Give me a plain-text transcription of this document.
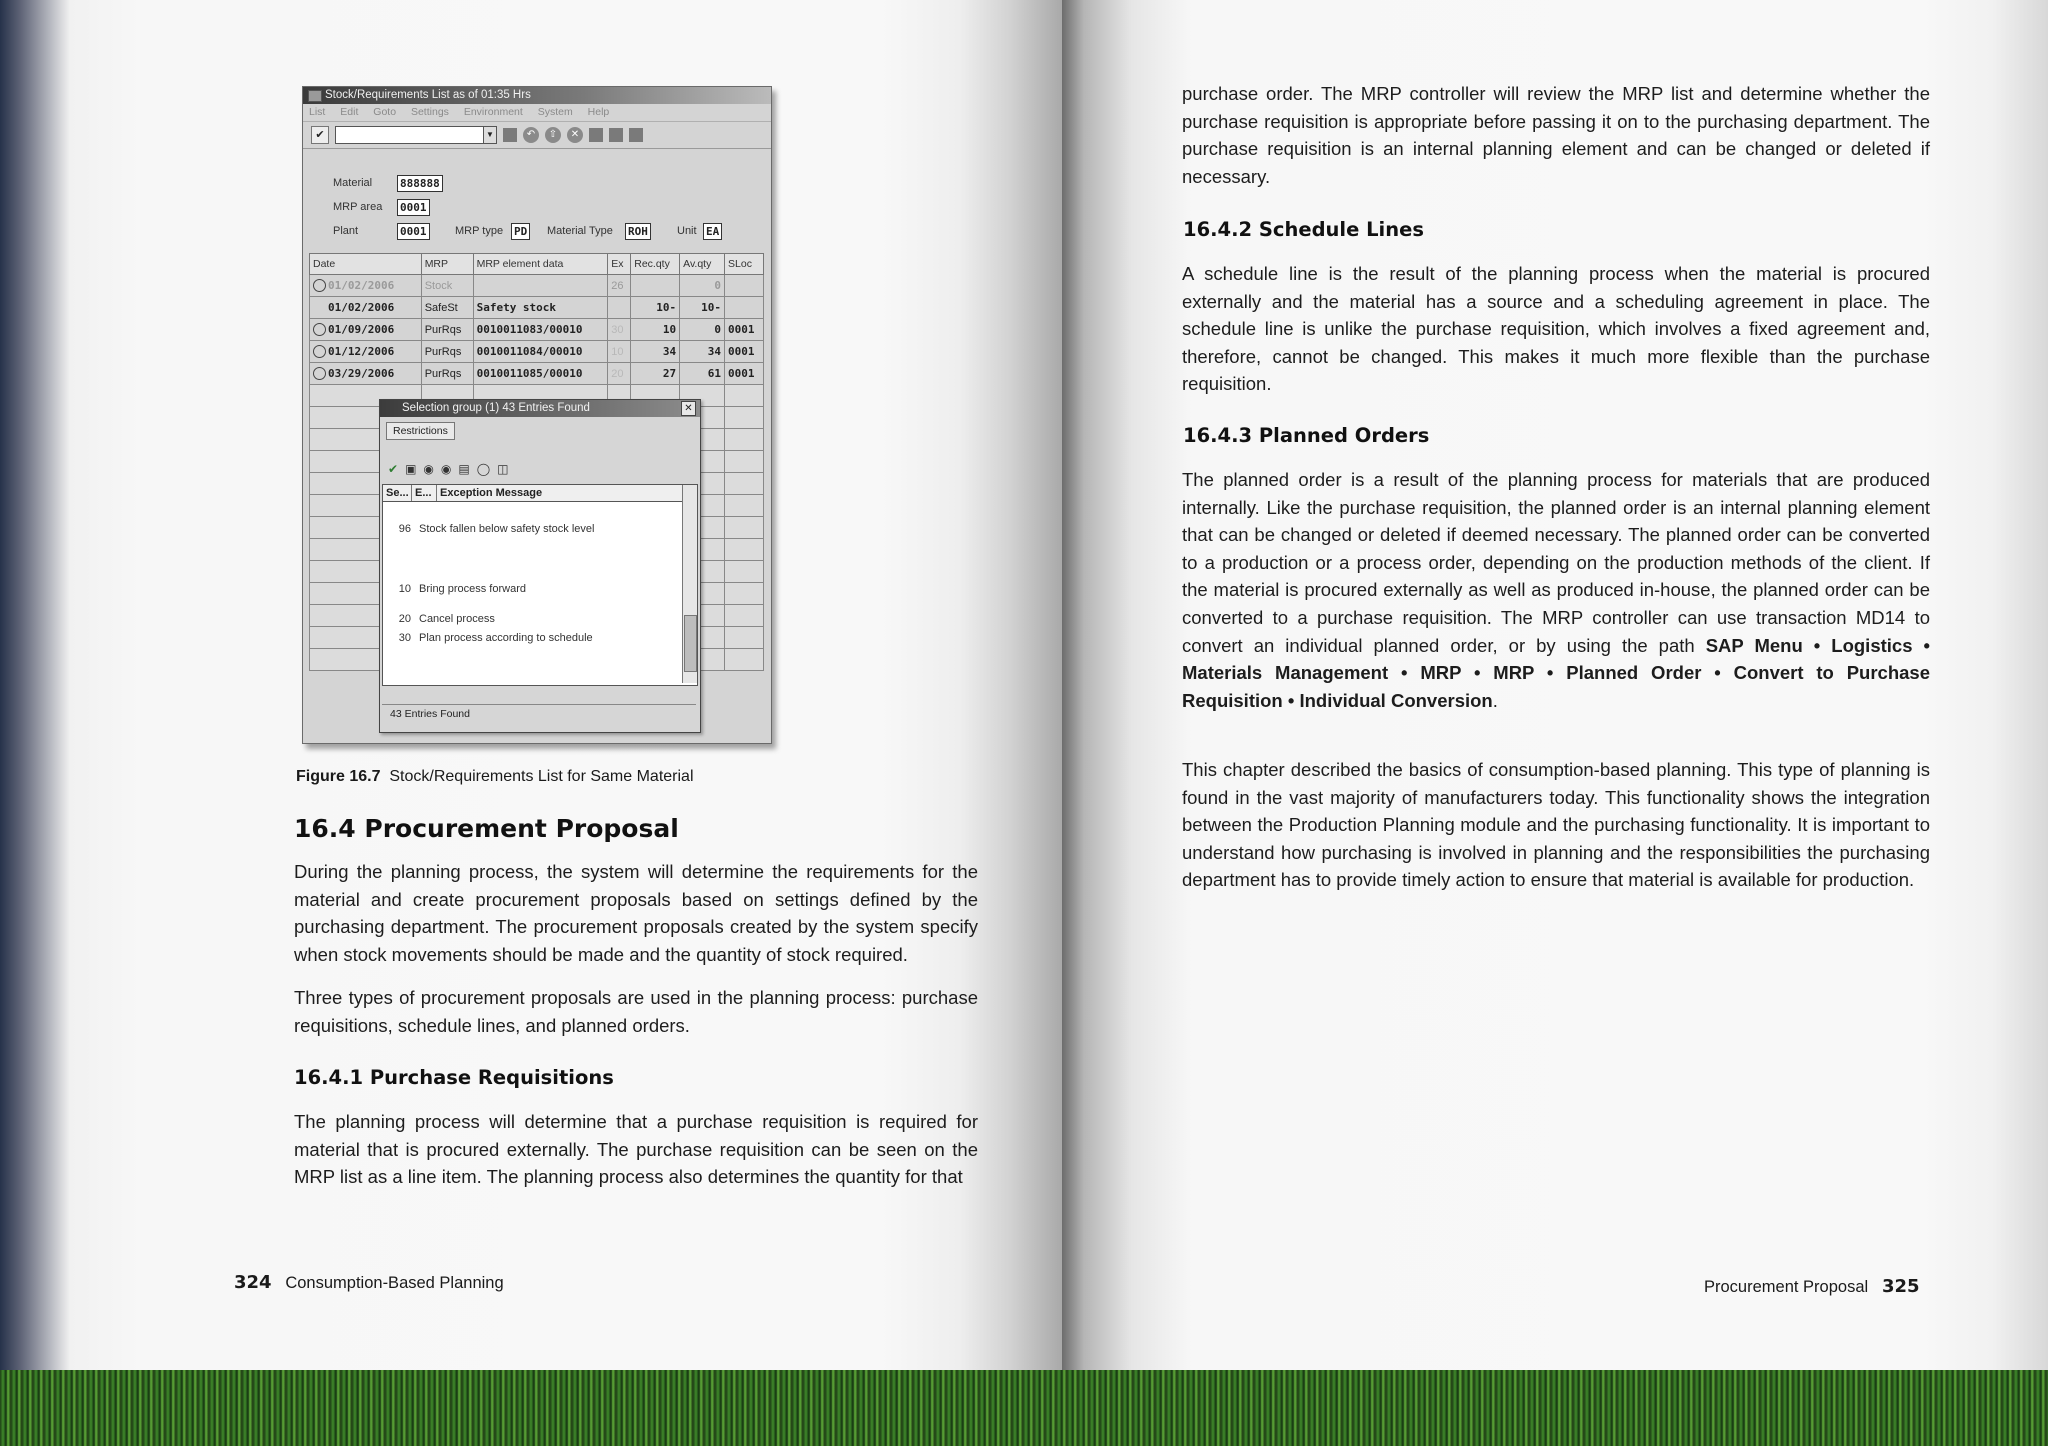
Stock/Requirements List as of 01:35 Hrs
List Edit Goto Settings Environment System Help
✔	▼	↶	⇧	✕
Material	888888
MRP area 0001
Plant	0001	MRP type PD Material Type ROH	Unit EA
Date	MRP	MRP element data	Ex	Rec.qty	Av.qty	SLoc
01/02/2006	Stock		26		0	
01/02/2006	SafeSt	Safety stock		10-	10-	
01/09/2006	PurRqs	0010011083/00010	30	10	0	0001
01/12/2006	PurRqs	0010011084/00010	10	34	34	0001
03/29/2006	PurRqs	0010011085/00010	20	27	61	0001

Selection group (1) 43 Entries Found	✕
Restrictions
✔ ▣ ◉ ◉ ▤ ◯ ◫
Se... E... Exception Message
96 Stock fallen below safety stock level
10 Bring process forward
20 Cancel process
30 Plan process according to schedule
43 Entries Found
Figure 16.7 Stock/Requirements List for Same Material
16.4 Procurement Proposal

During the planning process, the system will determine the requirements for the material and create procurement proposals based on settings defined by the purchasing department. The procurement proposals created by the system specify when stock movements should be made and the quantity of stock required.

Three types of procurement proposals are used in the planning process: purchase requisitions, schedule lines, and planned orders.

16.4.1 Purchase Requisitions

The planning process will determine that a purchase requisition is required for material that is procured externally. The purchase requisition can be seen on the MRP list as a line item. The planning process also determines the quantity for that

324 Consumption-Based Planning

purchase order. The MRP controller will review the MRP list and determine whether the purchase requisition is appropriate before passing it on to the purchasing department. The purchase requisition is an internal planning element and can be changed or deleted if necessary.

16.4.2 Schedule Lines

A schedule line is the result of the planning process when the material is procured externally and the material has a source and a scheduling agreement in place. The schedule line is unlike the purchase requisition, which involves a fixed agreement and, therefore, cannot be changed. This makes it much more flexible than the purchase requisition.

16.4.3 Planned Orders

The planned order is a result of the planning process for materials that are produced internally. Like the purchase requisition, the planned order is an internal planning element that can be changed or deleted if deemed necessary. The planned order can be converted to a production or a process order, depending on the production methods of the client. If the material is procured externally as well as produced in-house, the planned order can be converted to a purchase requisition. The MRP controller can use transaction MD14 to convert an individual planned order, or by using the path SAP Menu • Logistics • Materials Management • MRP • MRP • Planned Order • Convert to Purchase Requisition • Individual Conversion.

This chapter described the basics of consumption-based planning. This type of planning is found in the vast majority of manufacturers today. This functionality shows the integration between the Production Planning module and the purchasing functionality. It is important to understand how purchasing is involved in planning and the responsibilities the purchasing department has to provide timely action to ensure that material is available for production.

Procurement Proposal 325
